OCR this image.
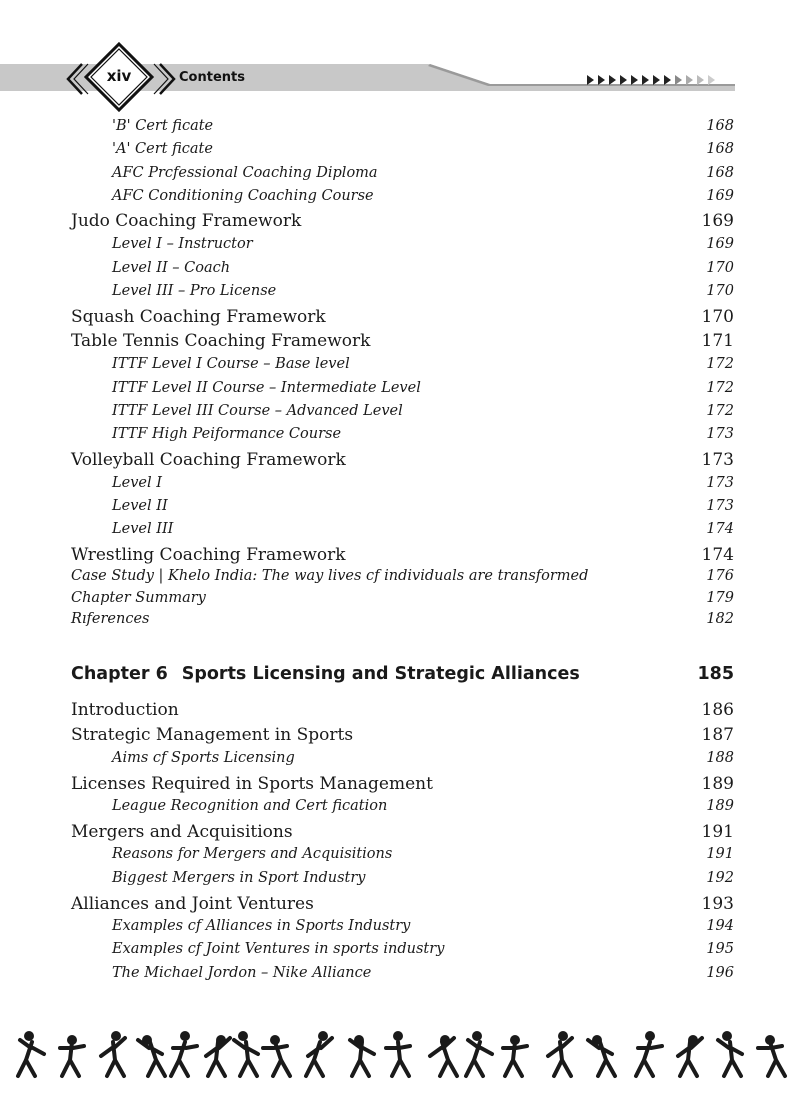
xiv	Contents
'B' Cert ficate	168
'A' Cert ficate	168
AFC Prcfessional Coaching Diploma	168
AFC Conditioning Coaching Course	169
Judo Coaching Framework	169
Level I – Instructor	169
Level II – Coach	170
Level III – Pro License	170
Squash Coaching Framework	170
Table Tennis Coaching Framework	171
ITTF Level I Course – Base level	172
ITTF Level II Course – Intermediate Level	172
ITTF Level III Course – Advanced Level	172
ITTF High Peiformance Course	173
Volleyball Coaching Framework	173
Level I	173
Level II	173
Level III	174
Wrestling Coaching Framework	174
Case Study | Khelo India: The way lives cf individuals are transformed	176
Chapter Summary	179
Rıferences	182
Introduction	186
Strategic Management in Sports	187
Aims cf Sports Licensing	188
Licenses Required in Sports Management	189
League Recognition and Cert fication	189
Mergers and Acquisitions	191
Reasons for Mergers and Acquisitions	191
Biggest Mergers in Sport Industry	192
Alliances and Joint Ventures	193
Examples cf Alliances in Sports Industry	194
Examples cf Joint Ventures in sports industry	195
The Michael Jordon – Nike Alliance	196
Chapter 6 Sports Licensing and Strategic Alliances	185
